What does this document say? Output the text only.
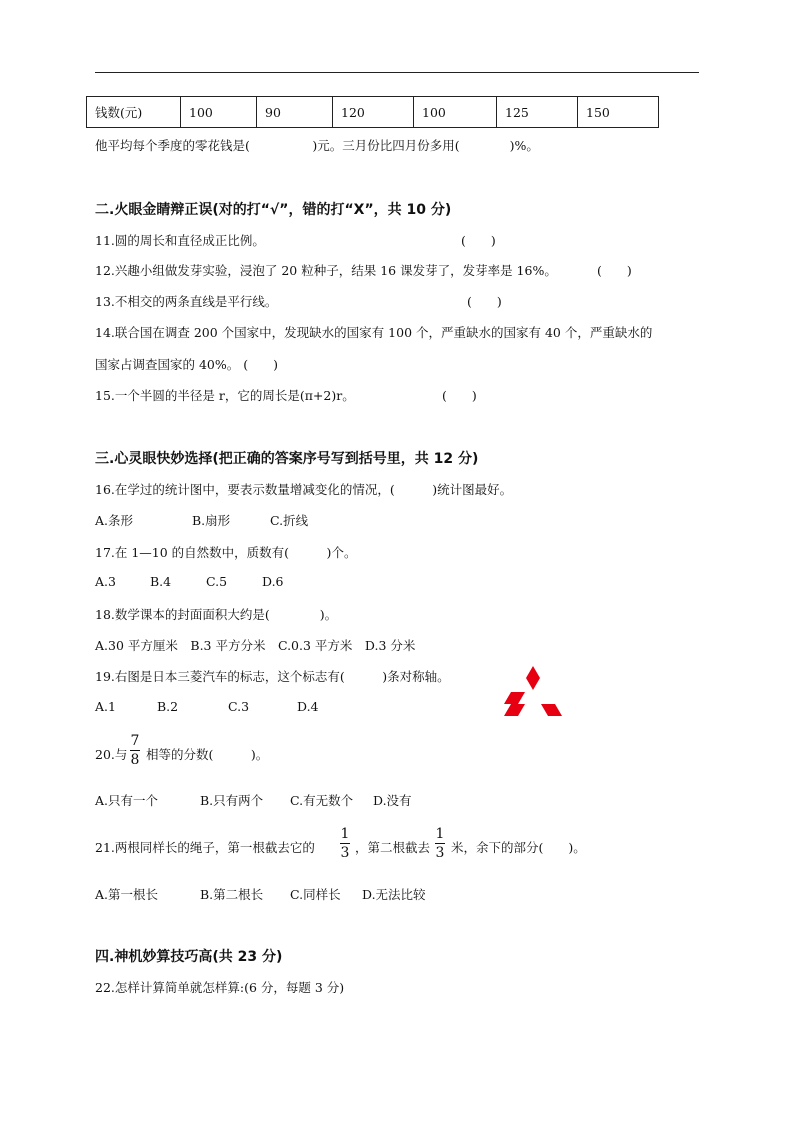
钱数(元)	100	90	120	100	125	150
他平均每个季度的零花钱是(　　　　　)元。三月份比四月份多用(　　　　)%。
二.火眼金睛辩正误(对的打“√”，错的打“X”，共 10 分)
11.圆的周长和直径成正比例。	(　　)
12.兴趣小组做发芽实验，浸泡了 20 粒种子，结果 16 课发芽了，发芽率是 16%。	(　　)
13.不相交的两条直线是平行线。	(　　)
14.联合国在调查 200 个国家中，发现缺水的国家有 100 个，严重缺水的国家有 40 个，严重缺水的
国家占调查国家的 40%。 (　　)
15.一个半圆的半径是 r，它的周长是(π+2)r。	(　　)
三.心灵眼快妙选择(把正确的答案序号写到括号里，共 12 分)
16.在学过的统计图中，要表示数量增减变化的情况，(　　　)统计图最好。
A.条形	B.扇形	C.折线
17.在 1—10 的自然数中，质数有(　　　)个。
A.3	B.4	C.5	D.6
18.数学课本的封面面积大约是(　　　　)。
A.30 平方厘米　B.3 平方分米　C.0.3 平方米　D.3 分米
19.右图是日本三菱汽车的标志，这个标志有(　　　)条对称轴。
A.1	B.2	C.3	D.4
20.与
7
8 相等的分数(　　　)。
A.只有一个	B.只有两个 C.有无数个 D.没有
21.两根同样长的绳子，第一根截去它的
1
3 ，第二根截去
1
3 米，余下的部分(　　)。
A.第一根长	B.第二根长 C.同样长 D.无法比较
四.神机妙算技巧高(共 23 分)
22.怎样计算简单就怎样算:(6 分，每题 3 分)
